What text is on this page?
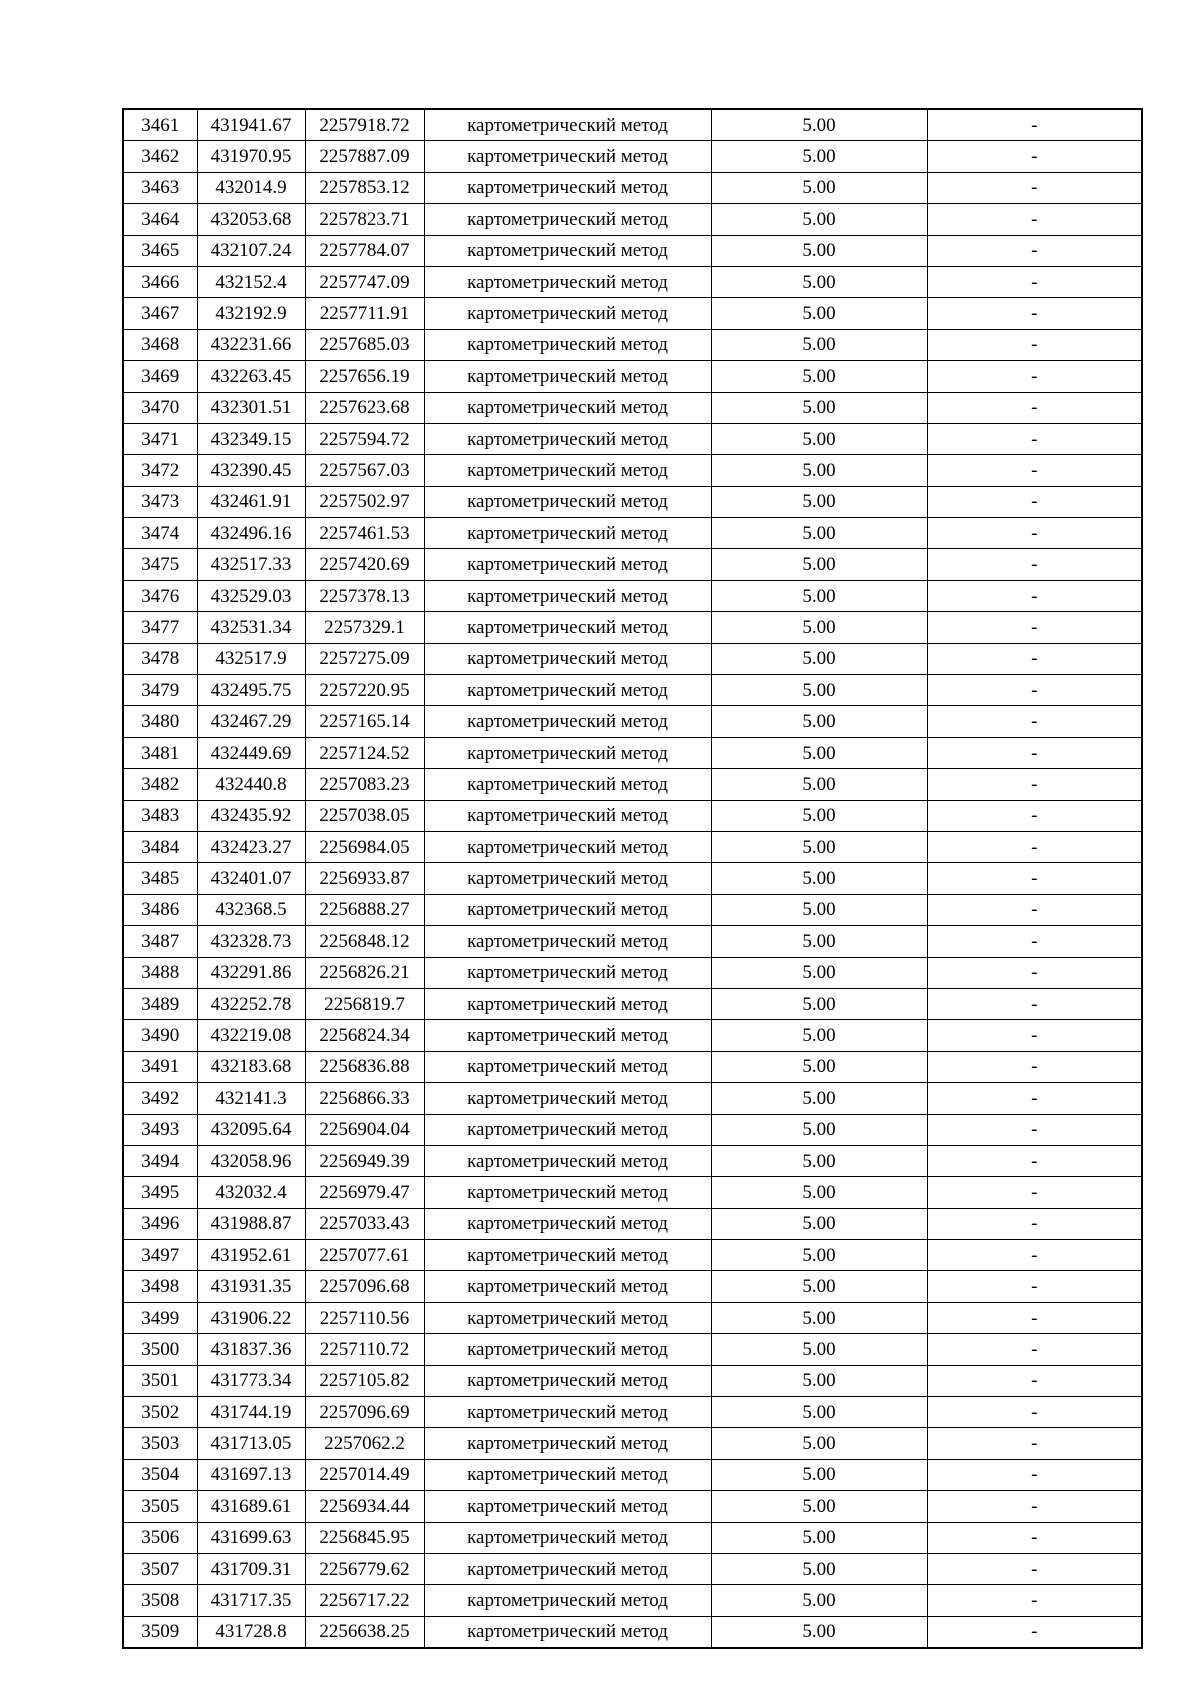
3461	431941.67	2257918.72	картометрический метод	5.00	-
3462	431970.95	2257887.09	картометрический метод	5.00	-
3463	432014.9	2257853.12	картометрический метод	5.00	-
3464	432053.68	2257823.71	картометрический метод	5.00	-
3465	432107.24	2257784.07	картометрический метод	5.00	-
3466	432152.4	2257747.09	картометрический метод	5.00	-
3467	432192.9	2257711.91	картометрический метод	5.00	-
3468	432231.66	2257685.03	картометрический метод	5.00	-
3469	432263.45	2257656.19	картометрический метод	5.00	-
3470	432301.51	2257623.68	картометрический метод	5.00	-
3471	432349.15	2257594.72	картометрический метод	5.00	-
3472	432390.45	2257567.03	картометрический метод	5.00	-
3473	432461.91	2257502.97	картометрический метод	5.00	-
3474	432496.16	2257461.53	картометрический метод	5.00	-
3475	432517.33	2257420.69	картометрический метод	5.00	-
3476	432529.03	2257378.13	картометрический метод	5.00	-
3477	432531.34	2257329.1	картометрический метод	5.00	-
3478	432517.9	2257275.09	картометрический метод	5.00	-
3479	432495.75	2257220.95	картометрический метод	5.00	-
3480	432467.29	2257165.14	картометрический метод	5.00	-
3481	432449.69	2257124.52	картометрический метод	5.00	-
3482	432440.8	2257083.23	картометрический метод	5.00	-
3483	432435.92	2257038.05	картометрический метод	5.00	-
3484	432423.27	2256984.05	картометрический метод	5.00	-
3485	432401.07	2256933.87	картометрический метод	5.00	-
3486	432368.5	2256888.27	картометрический метод	5.00	-
3487	432328.73	2256848.12	картометрический метод	5.00	-
3488	432291.86	2256826.21	картометрический метод	5.00	-
3489	432252.78	2256819.7	картометрический метод	5.00	-
3490	432219.08	2256824.34	картометрический метод	5.00	-
3491	432183.68	2256836.88	картометрический метод	5.00	-
3492	432141.3	2256866.33	картометрический метод	5.00	-
3493	432095.64	2256904.04	картометрический метод	5.00	-
3494	432058.96	2256949.39	картометрический метод	5.00	-
3495	432032.4	2256979.47	картометрический метод	5.00	-
3496	431988.87	2257033.43	картометрический метод	5.00	-
3497	431952.61	2257077.61	картометрический метод	5.00	-
3498	431931.35	2257096.68	картометрический метод	5.00	-
3499	431906.22	2257110.56	картометрический метод	5.00	-
3500	431837.36	2257110.72	картометрический метод	5.00	-
3501	431773.34	2257105.82	картометрический метод	5.00	-
3502	431744.19	2257096.69	картометрический метод	5.00	-
3503	431713.05	2257062.2	картометрический метод	5.00	-
3504	431697.13	2257014.49	картометрический метод	5.00	-
3505	431689.61	2256934.44	картометрический метод	5.00	-
3506	431699.63	2256845.95	картометрический метод	5.00	-
3507	431709.31	2256779.62	картометрический метод	5.00	-
3508	431717.35	2256717.22	картометрический метод	5.00	-
3509	431728.8	2256638.25	картометрический метод	5.00	-
